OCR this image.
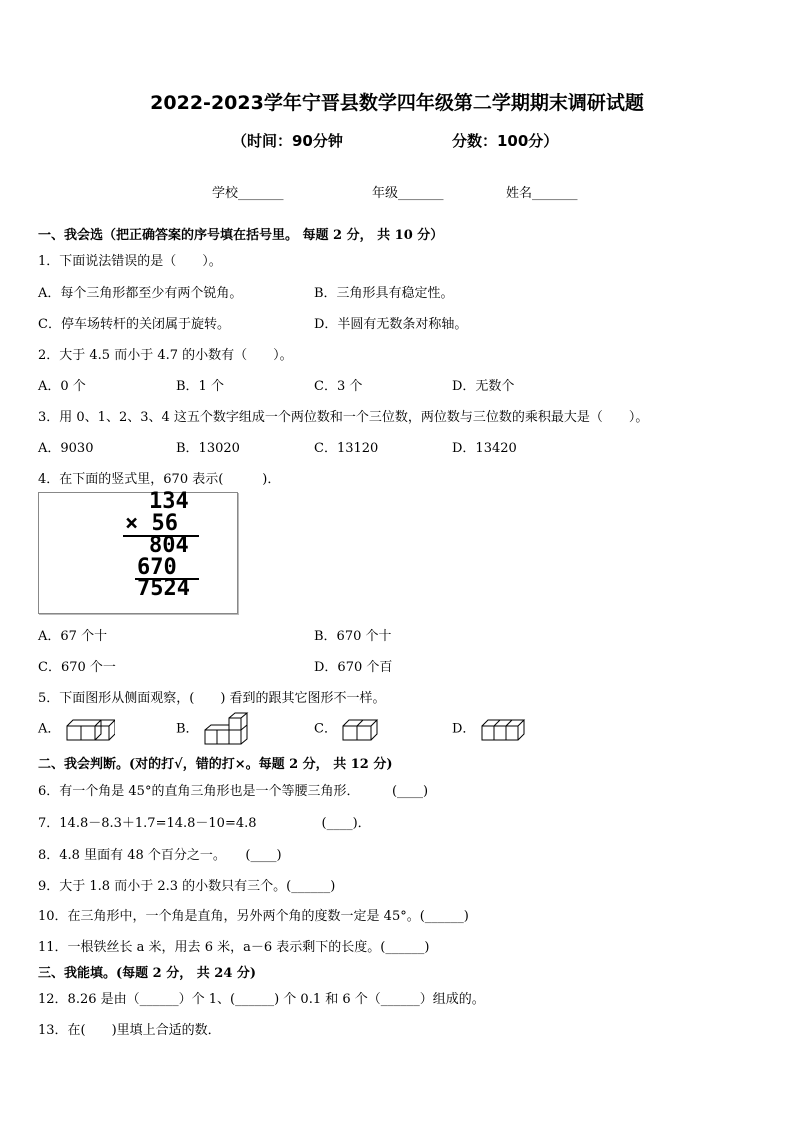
2022-2023学年宁晋县数学四年级第二学期期末调研试题
（时间：90分钟	分数：100分）
学校_______	年级_______	姓名_______
一、我会选（把正确答案的序号填在括号里。 每题 2 分， 共 10 分）
1．下面说法错误的是（　　）。
A．每个三角形都至少有两个锐角。	B．三角形具有稳定性。
C．停车场转杆的关闭属于旋转。	D．半圆有无数条对称轴。
2．大于 4.5 而小于 4.7 的小数有（　　）。
A．0 个	B．1 个	C．3 个	D．无数个
3．用 0、1、2、3、4 这五个数字组成一个两位数和一个三位数，两位数与三位数的乘积最大是（　　）。
A．9030	B．13020	C．13120	D．13420
4．在下面的竖式里，670 表示(　　　)．
134
× 56
804
670
7524
A．67 个十	B．670 个十
C．670 个一	D．670 个百
5．下面图形从侧面观察，(　　) 看到的跟其它图形不一样。
A．	B．	C．	D．
二、我会判断。(对的打√，错的打×。每题 2 分， 共 12 分)
6．有一个角是 45°的直角三角形也是一个等腰三角形．　　　(____)
7．14.8－8.3＋1.7=14.8－10=4.8　　　　　(____)．
8．4.8 里面有 48 个百分之一。　　(____)
9．大于 1.8 而小于 2.3 的小数只有三个。(______)
10．在三角形中，一个角是直角，另外两个角的度数一定是 45°。(______)
11．一根铁丝长 a 米，用去 6 米，a－6 表示剩下的长度。(______)
三、我能填。(每题 2 分， 共 24 分)
12．8.26 是由（______）个 1、(______) 个 0.1 和 6 个（______）组成的。
13．在(　　)里填上合适的数．
